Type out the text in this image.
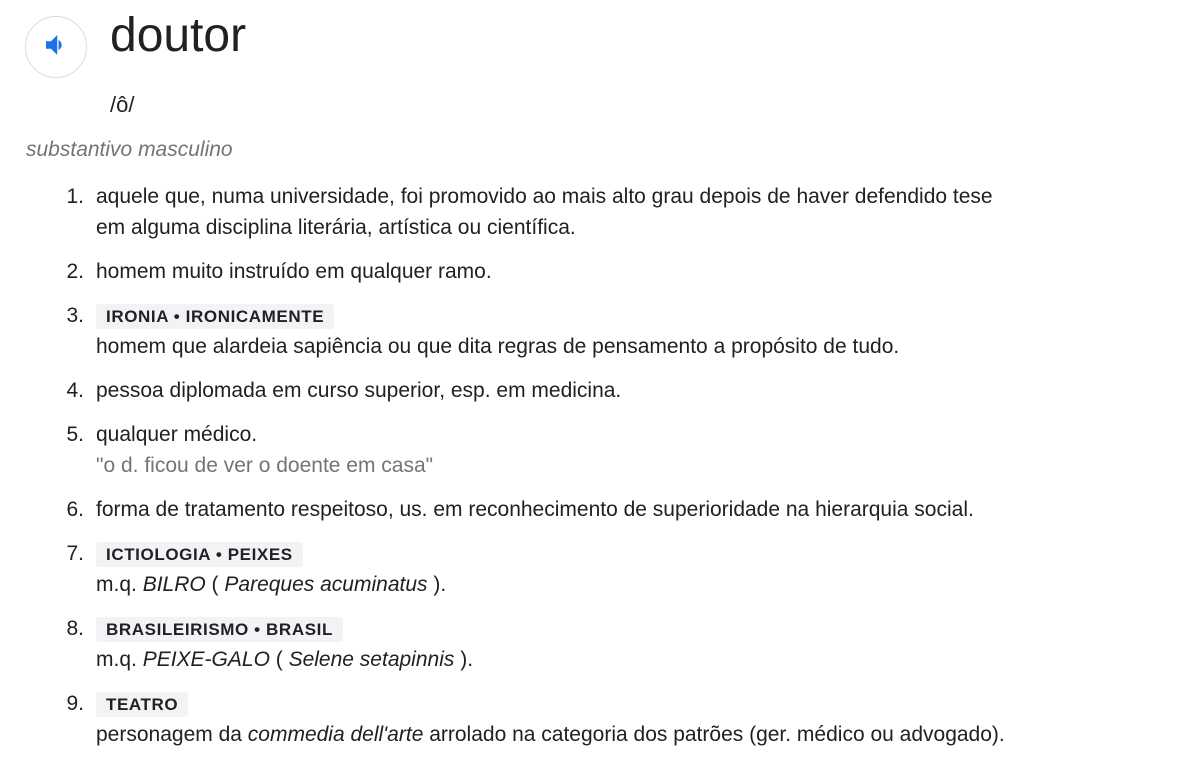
doutor
/ô/
substantivo masculino
1. aquele que, numa universidade, foi promovido ao mais alto grau depois de haver defendido tese
em alguma disciplina literária, artística ou científica.
2. homem muito instruído em qualquer ramo.
3.	IRONIA • IRONICAMENTE
homem que alardeia sapiência ou que dita regras de pensamento a propósito de tudo.
4. pessoa diplomada em curso superior, esp. em medicina.
5. qualquer médico.
"o d. ficou de ver o doente em casa"
6. forma de tratamento respeitoso, us. em reconhecimento de superioridade na hierarquia social.
7.	ICTIOLOGIA • PEIXES
m.q. BILRO ( Pareques acuminatus ).
8.	BRASILEIRISMO • BRASIL
m.q. PEIXE-GALO ( Selene setapinnis ).
9.	TEATRO
personagem da commedia dell'arte arrolado na categoria dos patrões (ger. médico ou advogado).
